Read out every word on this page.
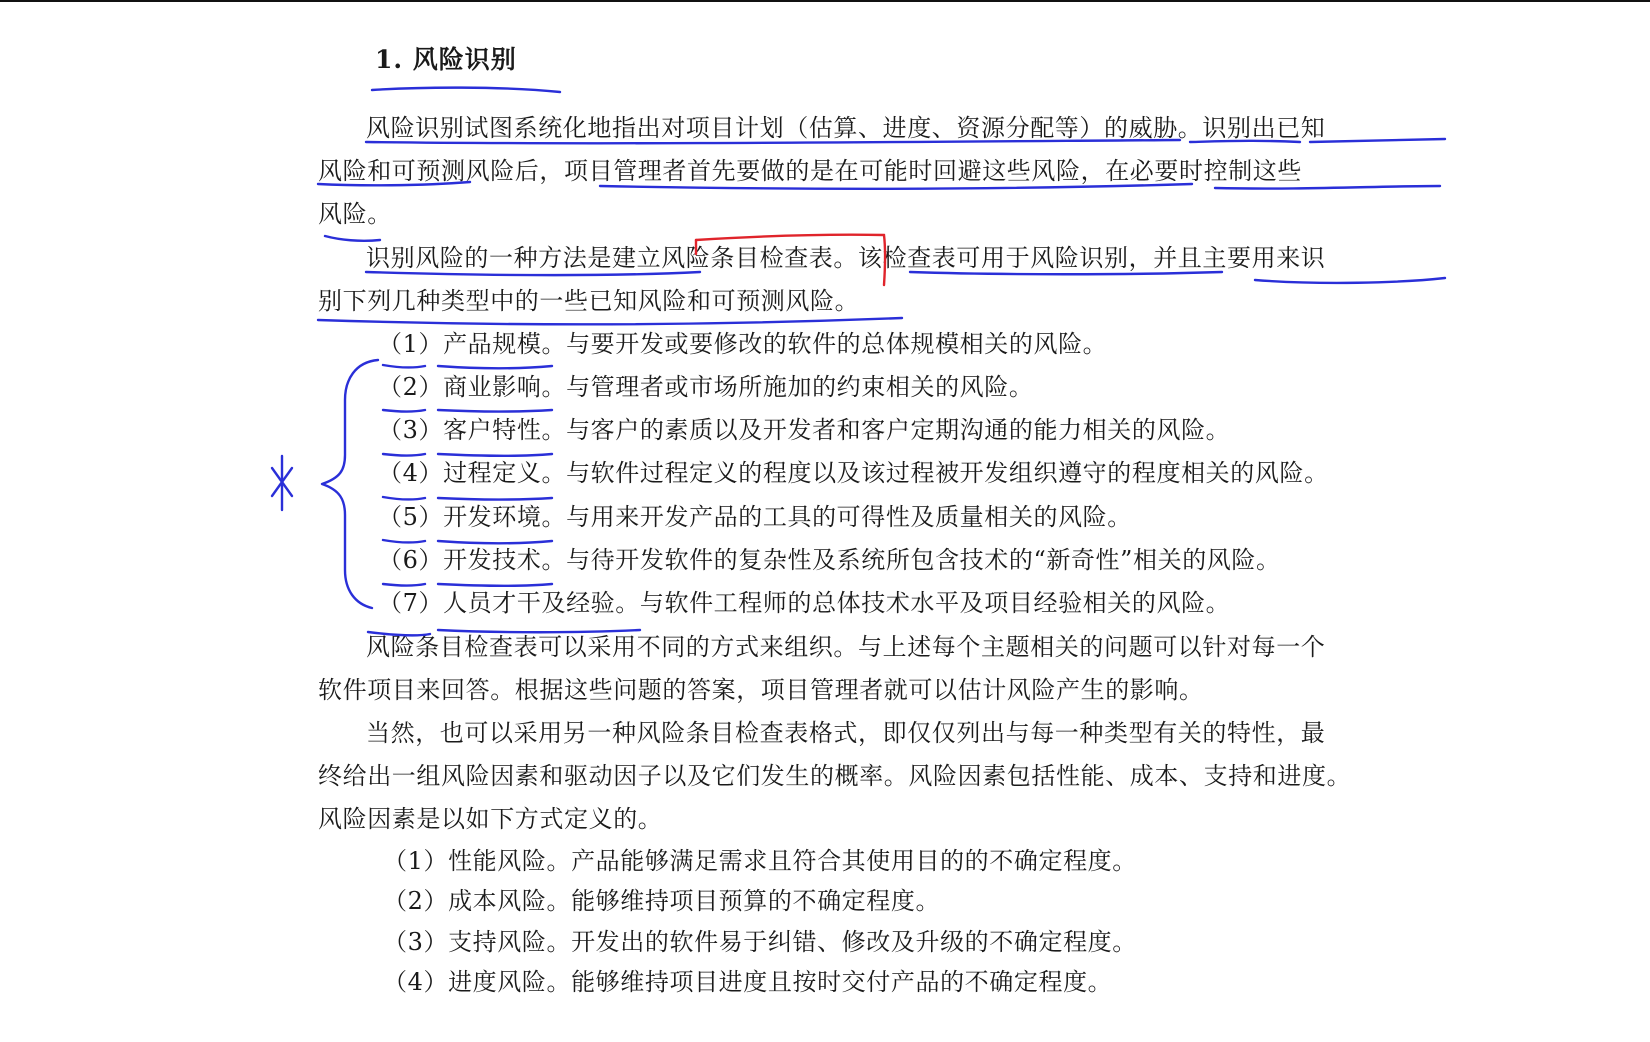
1. 风险识别
风险识别试图系统化地指出对项目计划（估算、进度、资源分配等）的威胁。识别出已知
风险和可预测风险后，项目管理者首先要做的是在可能时回避这些风险，在必要时控制这些
风险。
识别风险的一种方法是建立风险条目检查表。该检查表可用于风险识别，并且主要用来识
别下列几种类型中的一些已知风险和可预测风险。
（1）产品规模。与要开发或要修改的软件的总体规模相关的风险。
（2）商业影响。与管理者或市场所施加的约束相关的风险。
（3）客户特性。与客户的素质以及开发者和客户定期沟通的能力相关的风险。
（4）过程定义。与软件过程定义的程度以及该过程被开发组织遵守的程度相关的风险。
（5）开发环境。与用来开发产品的工具的可得性及质量相关的风险。
（6）开发技术。与待开发软件的复杂性及系统所包含技术的“新奇性”相关的风险。
（7）人员才干及经验。与软件工程师的总体技术水平及项目经验相关的风险。
风险条目检查表可以采用不同的方式来组织。与上述每个主题相关的问题可以针对每一个
软件项目来回答。根据这些问题的答案，项目管理者就可以估计风险产生的影响。
当然，也可以采用另一种风险条目检查表格式，即仅仅列出与每一种类型有关的特性，最
终给出一组风险因素和驱动因子以及它们发生的概率。风险因素包括性能、成本、支持和进度。
风险因素是以如下方式定义的。
（1）性能风险。产品能够满足需求且符合其使用目的的不确定程度。
（2）成本风险。能够维持项目预算的不确定程度。
（3）支持风险。开发出的软件易于纠错、修改及升级的不确定程度。
（4）进度风险。能够维持项目进度且按时交付产品的不确定程度。
